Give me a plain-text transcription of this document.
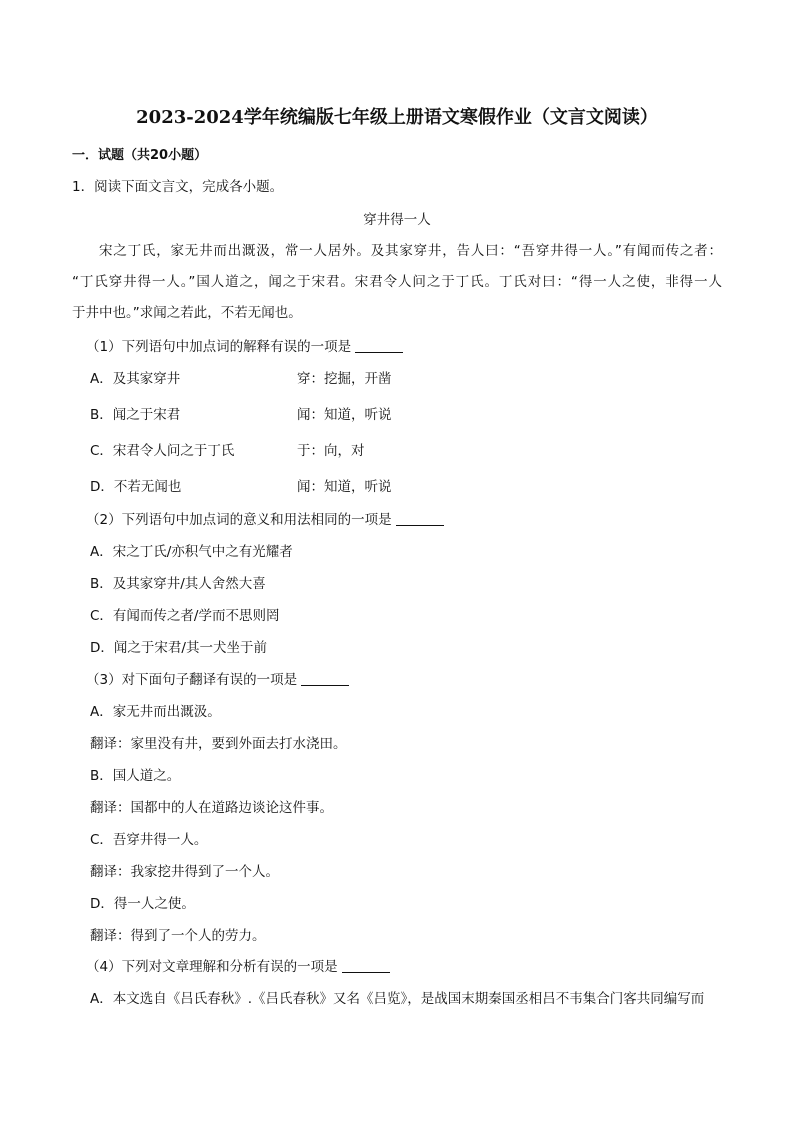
2023-2024学年统编版七年级上册语文寒假作业（文言文阅读）
一．试题（共20小题）
1．阅读下面文言文，完成各小题。
穿井得一人
宋之丁氏，家无井而出溉汲，常一人居外。及其家穿井，告人曰：“吾穿井得一人。”有闻而传之者：
“丁氏穿井得一人。”国人道之，闻之于宋君。宋君令人问之于丁氏。丁氏对曰：“得一人之使，非得一人
于井中也。”求闻之若此，不若无闻也。
（1）下列语句中加点词的解释有误的一项是
A．及其家穿井	穿：挖掘，开凿
B．闻之于宋君	闻：知道，听说
C．宋君令人问之于丁氏	于：向，对
D．不若无闻也	闻：知道，听说
（2）下列语句中加点词的意义和用法相同的一项是
A．宋之丁氏/亦积气中之有光耀者
B．及其家穿井/其人舍然大喜
C．有闻而传之者/学而不思则罔
D．闻之于宋君/其一犬坐于前
（3）对下面句子翻译有误的一项是
A．家无井而出溉汲。
翻译：家里没有井，要到外面去打水浇田。
B．国人道之。
翻译：国都中的人在道路边谈论这件事。
C．吾穿井得一人。
翻译：我家挖井得到了一个人。
D．得一人之使。
翻译：得到了一个人的劳力。
（4）下列对文章理解和分析有误的一项是
A．本文选自《吕氏春秋》.《吕氏春秋》又名《吕览》，是战国末期秦国丞相吕不韦集合门客共同编写而
